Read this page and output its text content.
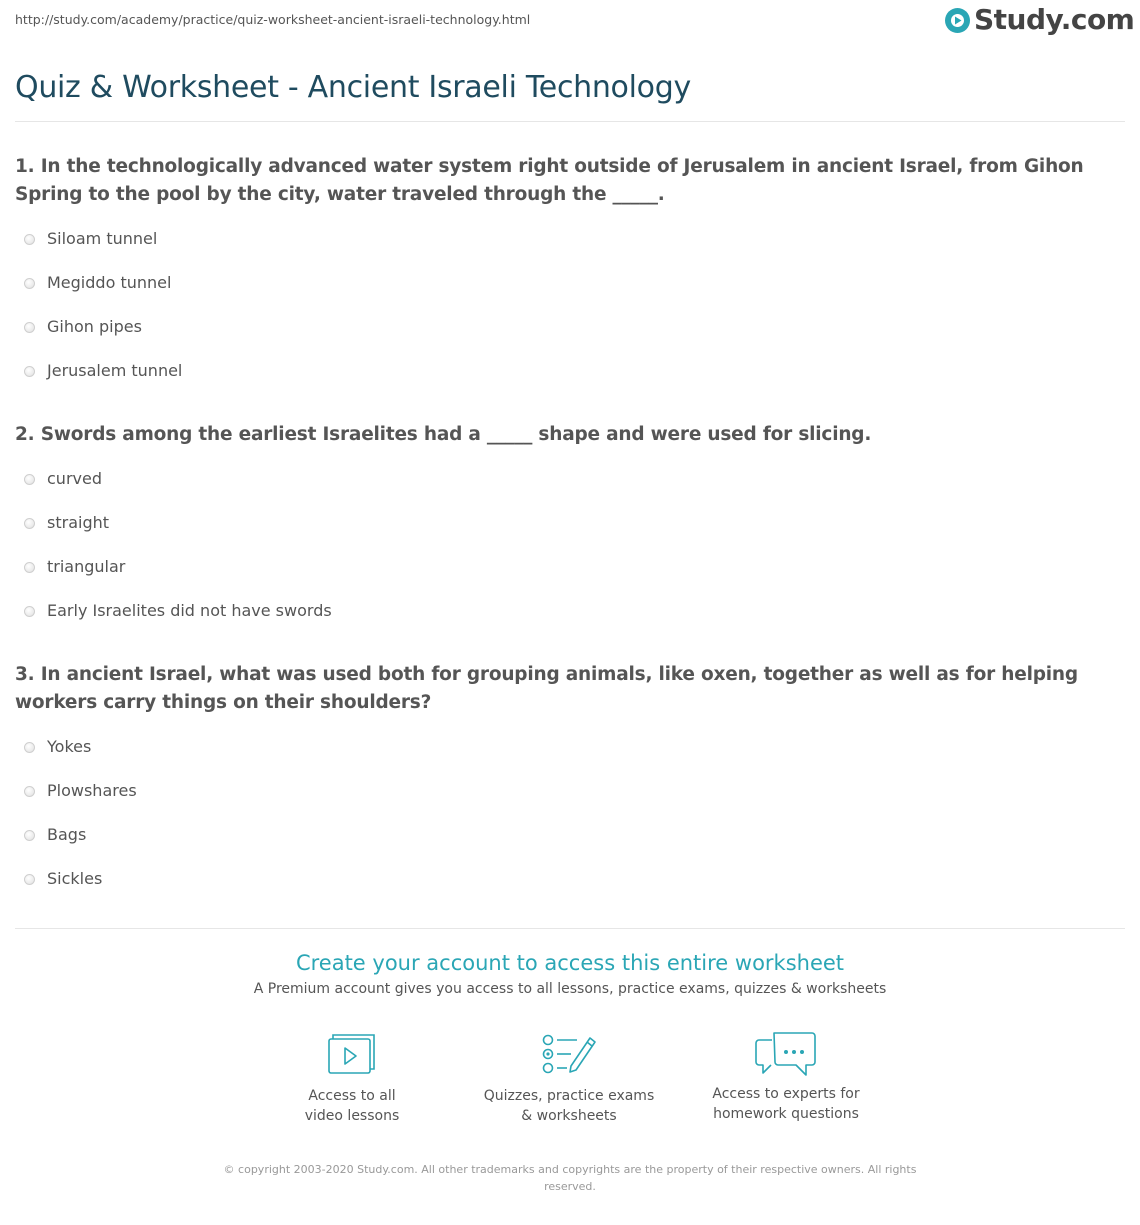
http://study.com/academy/practice/quiz-worksheet-ancient-israeli-technology.html	Study.com
Quiz & Worksheet - Ancient Israeli Technology
1. In the technologically advanced water system right outside of Jerusalem in ancient Israel, from Gihon Spring to the pool by the city, water traveled through the _____.
Siloam tunnel
Megiddo tunnel
Gihon pipes
Jerusalem tunnel
2. Swords among the earliest Israelites had a _____ shape and were used for slicing.
curved
straight
triangular
Early Israelites did not have swords
3. In ancient Israel, what was used both for grouping animals, like oxen, together as well as for helping workers carry things on their shoulders?
Yokes
Plowshares
Bags
Sickles
Create your account to access this entire worksheet
A Premium account gives you access to all lessons, practice exams, quizzes & worksheets
Access to all
video lessons
Quizzes, practice exams
& worksheets
Access to experts for
homework questions
© copyright 2003-2020 Study.com. All other trademarks and copyrights are the property of their respective owners. All rights reserved.
